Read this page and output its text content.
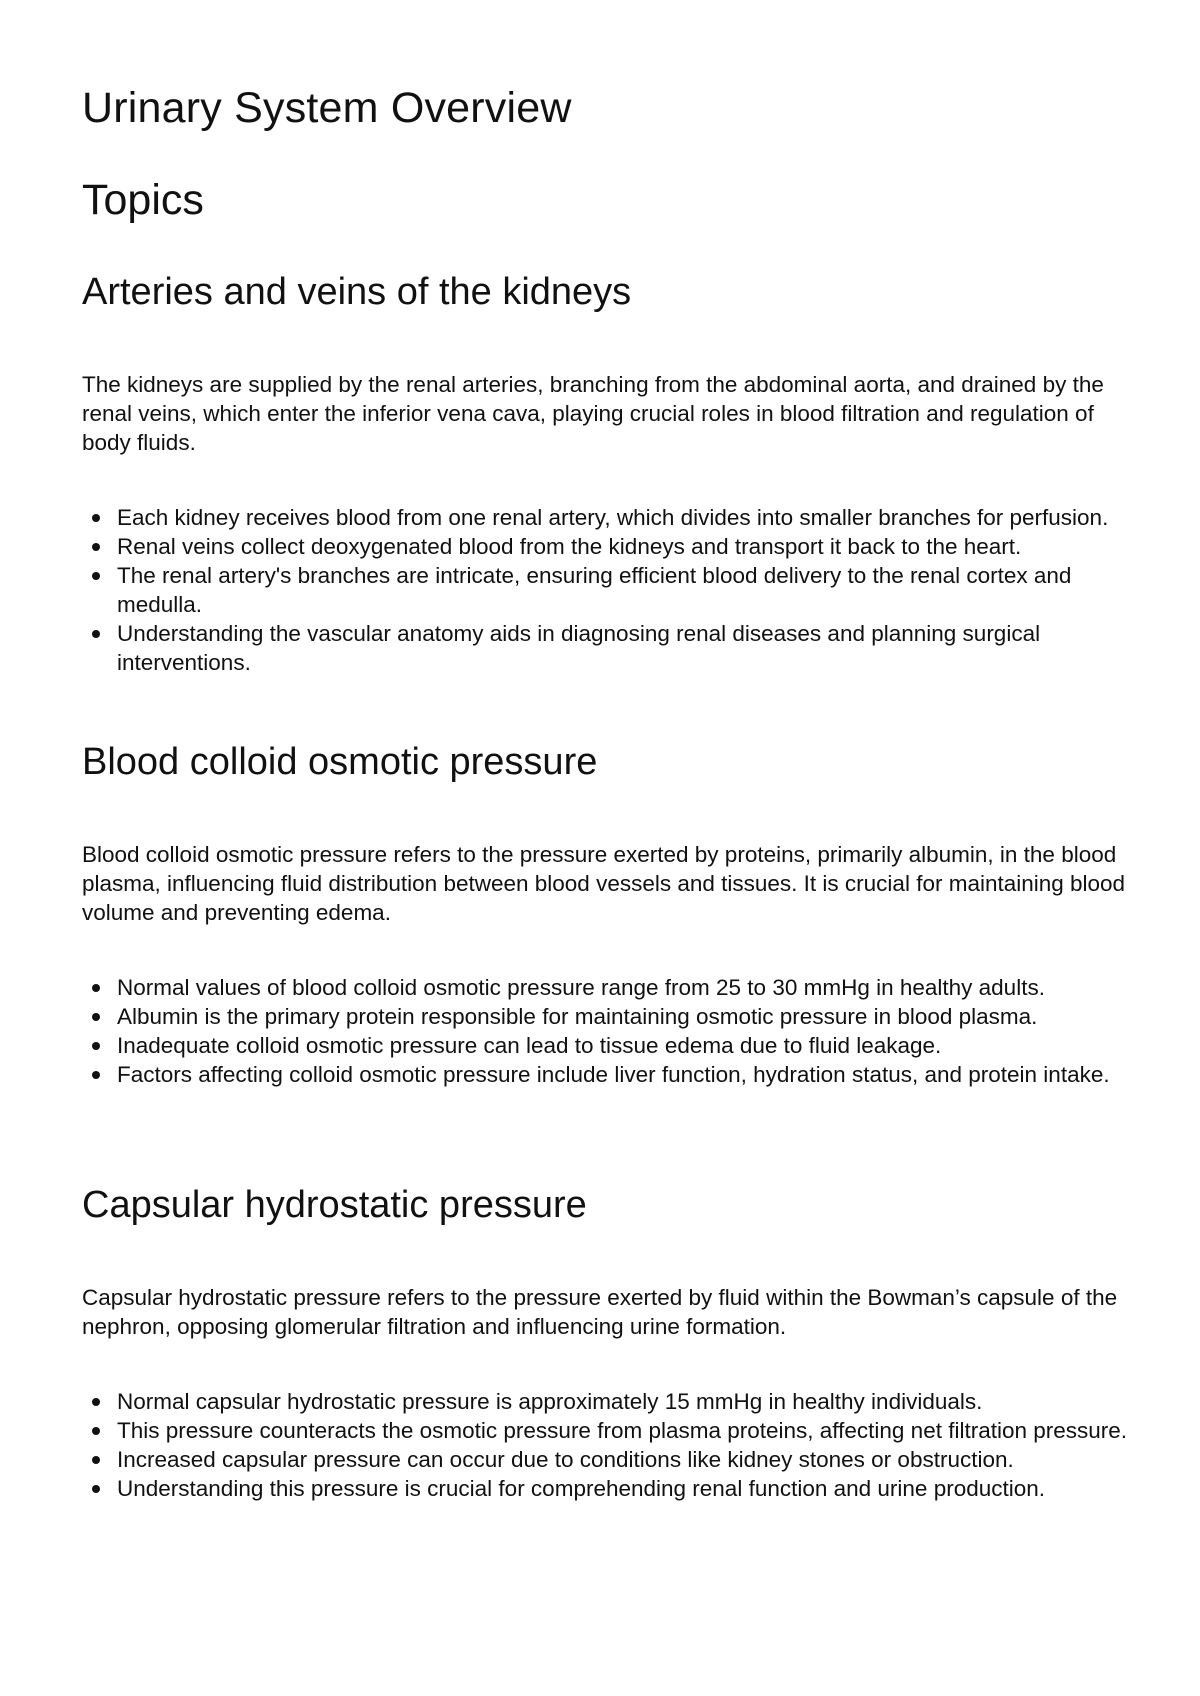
Urinary System Overview
Topics
Arteries and veins of the kidneys

The kidneys are supplied by the renal arteries, branching from the abdominal aorta, and drained by the renal veins, which enter the inferior vena cava, playing crucial roles in blood filtration and regulation of body fluids.

Each kidney receives blood from one renal artery, which divides into smaller branches for perfusion.
Renal veins collect deoxygenated blood from the kidneys and transport it back to the heart.
The renal artery's branches are intricate, ensuring efficient blood delivery to the renal cortex and medulla.
Understanding the vascular anatomy aids in diagnosing renal diseases and planning surgical interventions.
Blood colloid osmotic pressure

Blood colloid osmotic pressure refers to the pressure exerted by proteins, primarily albumin, in the blood plasma, influencing fluid distribution between blood vessels and tissues. It is crucial for maintaining blood volume and preventing edema.

Normal values of blood colloid osmotic pressure range from 25 to 30 mmHg in healthy adults.
Albumin is the primary protein responsible for maintaining osmotic pressure in blood plasma.
Inadequate colloid osmotic pressure can lead to tissue edema due to fluid leakage.
Factors affecting colloid osmotic pressure include liver function, hydration status, and protein intake.
Capsular hydrostatic pressure

Capsular hydrostatic pressure refers to the pressure exerted by fluid within the Bowman’s capsule of the nephron, opposing glomerular filtration and influencing urine formation.

Normal capsular hydrostatic pressure is approximately 15 mmHg in healthy individuals.
This pressure counteracts the osmotic pressure from plasma proteins, affecting net filtration pressure.
Increased capsular pressure can occur due to conditions like kidney stones or obstruction.
Understanding this pressure is crucial for comprehending renal function and urine production.
